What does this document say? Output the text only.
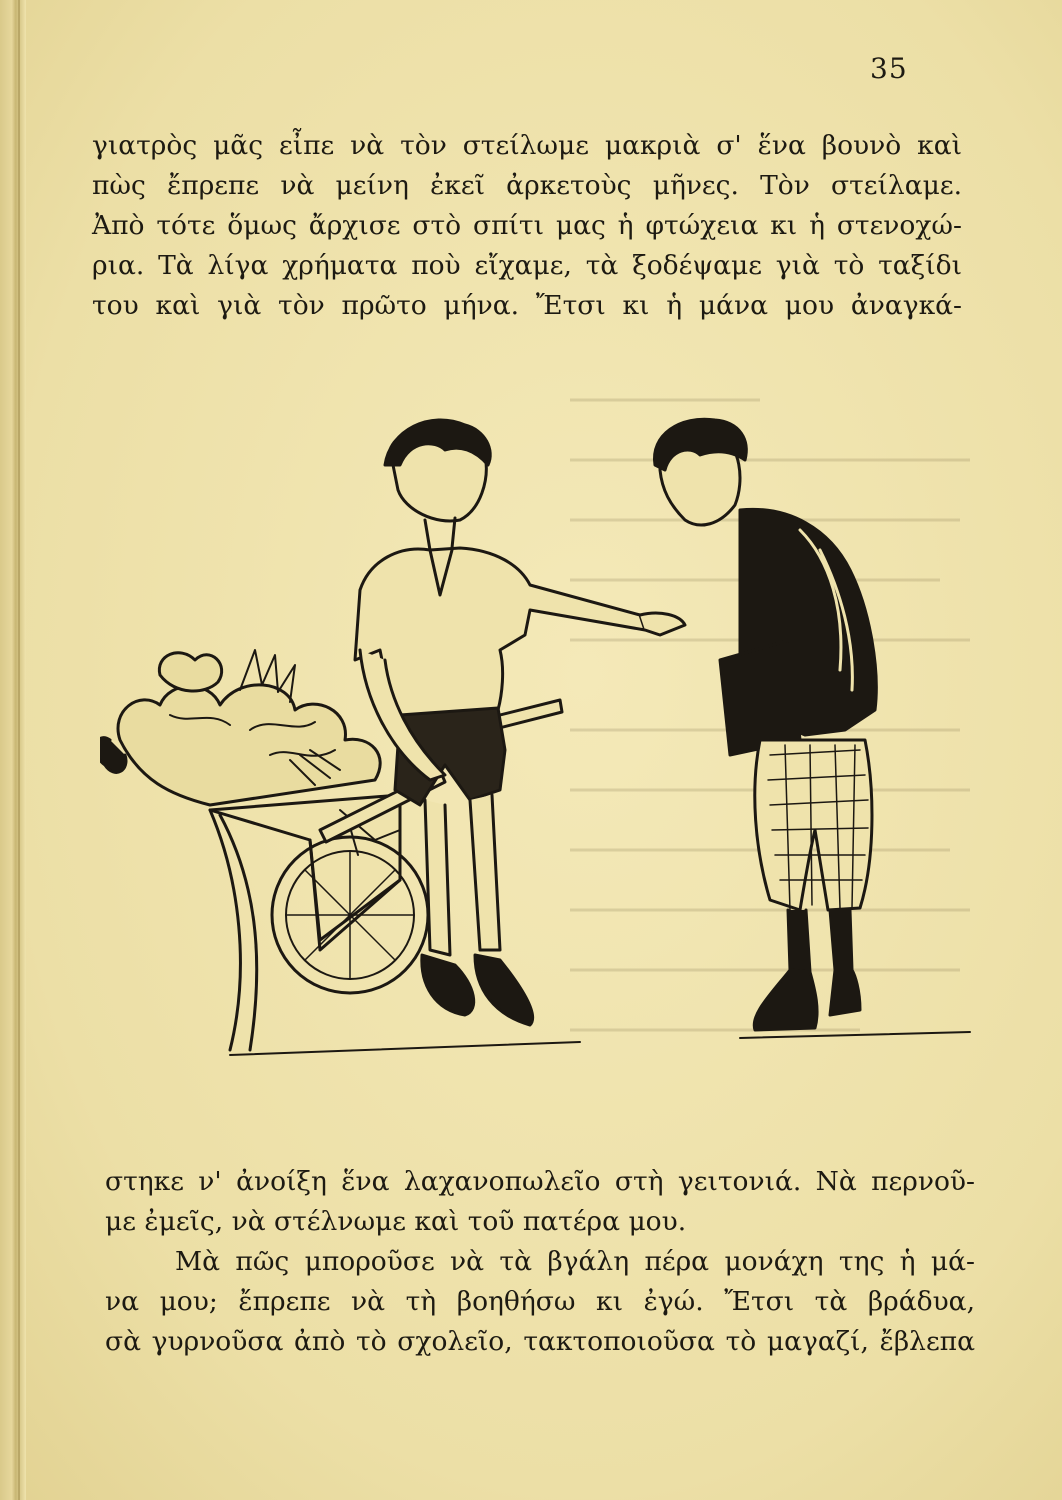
35
γιατρὸς μᾶς εἶπε νὰ τὸν στείλωμε μακριὰ σ' ἕνα βουνὸ καὶ
πὼς ἔπρεπε νὰ μείνη ἐκεῖ ἀρκετοὺς μῆνες. Τὸν στείλαμε.
Ἀπὸ τότε ὅμως ἄρχισε στὸ σπίτι μας ἡ φτώχεια κι ἡ στενοχώ-
ρια. Τὰ λίγα χρήματα ποὺ εἴχαμε, τὰ ξοδέψαμε γιὰ τὸ ταξίδι
του καὶ γιὰ τὸν πρῶτο μήνα. Ἔτσι κι ἡ μάνα μου ἀναγκά-
στηκε ν' ἀνοίξη ἕνα λαχανοπωλεῖο στὴ γειτονιά. Νὰ περνοῦ-
με ἐμεῖς, νὰ στέλνωμε καὶ τοῦ πατέρα μου.
Μὰ πῶς μποροῦσε νὰ τὰ βγάλη πέρα μονάχη της ἡ μά-
να μου; ἔπρεπε νὰ τὴ βοηθήσω κι ἐγώ. Ἔτσι τὰ βράδυα,
σὰ γυρνοῦσα ἀπὸ τὸ σχολεῖο, τακτοποιοῦσα τὸ μαγαζί, ἔβλεπα
